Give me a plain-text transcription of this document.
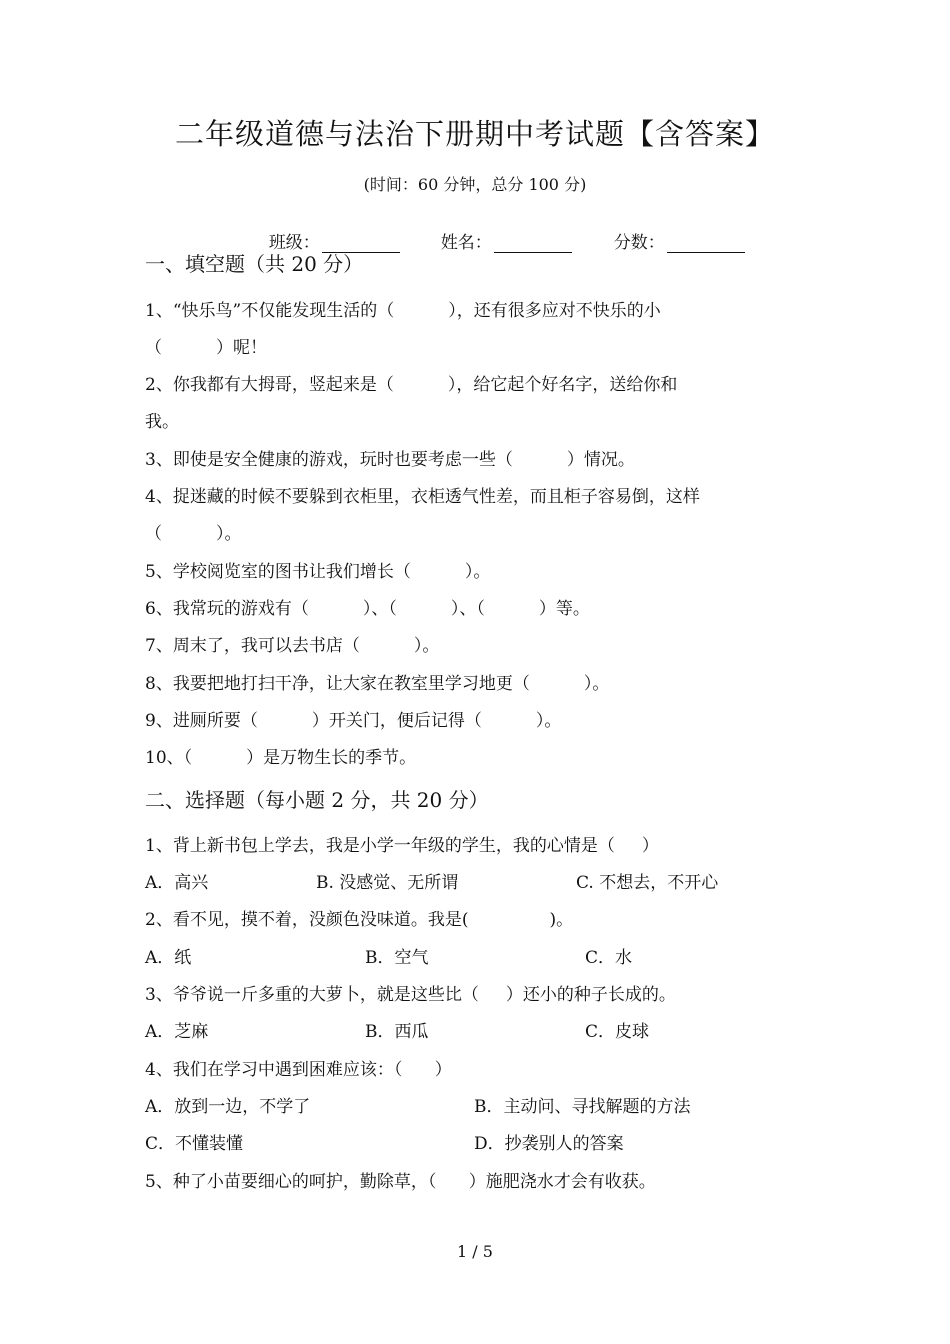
二年级道德与法治下册期中考试题【含答案】
(时间：60 分钟，总分 100 分)

班级：	姓名：	分数：

一、填空题（共 20 分）
1、“快乐鸟”不仅能发现生活的（          ），还有很多应对不快乐的小
（          ）呢！
2、你我都有大拇哥，竖起来是（          ），给它起个好名字，送给你和
我。
3、即使是安全健康的游戏，玩时也要考虑一些（          ）情况。
4、捉迷藏的时候不要躲到衣柜里，衣柜透气性差，而且柜子容易倒，这样
（          ）。
5、学校阅览室的图书让我们增长（          ）。
6、我常玩的游戏有（          ）、（          ）、（          ）等。
7、周末了，我可以去书店（          ）。
8、我要把地打扫干净，让大家在教室里学习地更（          ）。
9、进厕所要（          ）开关门，便后记得（          ）。
10、（          ）是万物生长的季节。
二、选择题（每小题 2 分，共 20 分）
1、背上新书包上学去，我是小学一年级的学生，我的心情是（     ）
A．高兴	B. 没感觉、无所谓	C. 不想去，不开心
2、看不见，摸不着，没颜色没味道。我是(               )。
A．纸	B．空气	C．水
3、爷爷说一斤多重的大萝卜，就是这些比（     ）还小的种子长成的。
A．芝麻	B．西瓜	C．皮球
4、我们在学习中遇到困难应该：（      ）
A．放到一边，不学了	B．主动问、寻找解题的方法
C．不懂装懂	D．抄袭别人的答案
5、种了小苗要细心的呵护，勤除草，（      ）施肥浇水才会有收获。
1 / 5
